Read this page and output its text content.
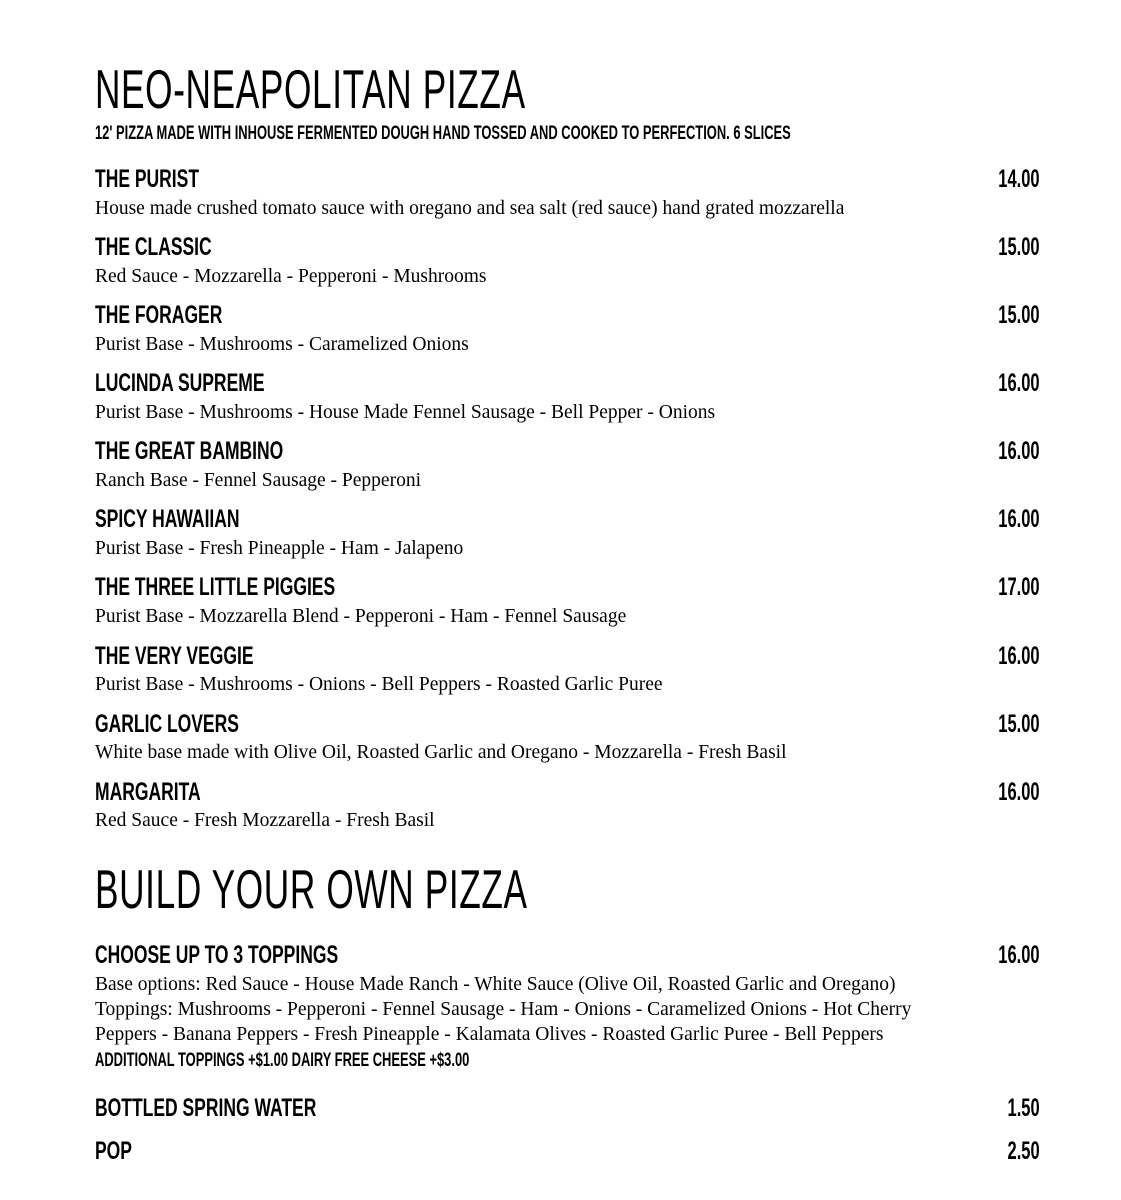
NEO-NEAPOLITAN PIZZA
12' PIZZA MADE WITH INHOUSE FERMENTED DOUGH HAND TOSSED AND COOKED TO PERFECTION. 6 SLICES
THE PURIST	14.00

House made crushed tomato sauce with oregano and sea salt (red sauce) hand grated mozzarella

THE CLASSIC	15.00

Red Sauce - Mozzarella - Pepperoni - Mushrooms

THE FORAGER	15.00

Purist Base - Mushrooms - Caramelized Onions

LUCINDA SUPREME	16.00

Purist Base - Mushrooms - House Made Fennel Sausage - Bell Pepper - Onions

THE GREAT BAMBINO	16.00

Ranch Base - Fennel Sausage - Pepperoni

SPICY HAWAIIAN	16.00

Purist Base - Fresh Pineapple - Ham - Jalapeno

THE THREE LITTLE PIGGIES	17.00

Purist Base - Mozzarella Blend - Pepperoni - Ham - Fennel Sausage

THE VERY VEGGIE	16.00

Purist Base - Mushrooms - Onions - Bell Peppers - Roasted Garlic Puree

GARLIC LOVERS	15.00

White base made with Olive Oil, Roasted Garlic and Oregano - Mozzarella - Fresh Basil

MARGARITA	16.00

Red Sauce - Fresh Mozzarella - Fresh Basil

BUILD YOUR OWN PIZZA
CHOOSE UP TO 3 TOPPINGS	16.00

Base options: Red Sauce - House Made Ranch - White Sauce (Olive Oil, Roasted Garlic and Oregano) Toppings: Mushrooms - Pepperoni - Fennel Sausage - Ham - Onions - Caramelized Onions - Hot Cherry Peppers - Banana Peppers - Fresh Pineapple - Kalamata Olives - Roasted Garlic Puree - Bell Peppers

ADDITIONAL TOPPINGS +$1.00 DAIRY FREE CHEESE +$3.00
BOTTLED SPRING WATER	1.50
POP	2.50
